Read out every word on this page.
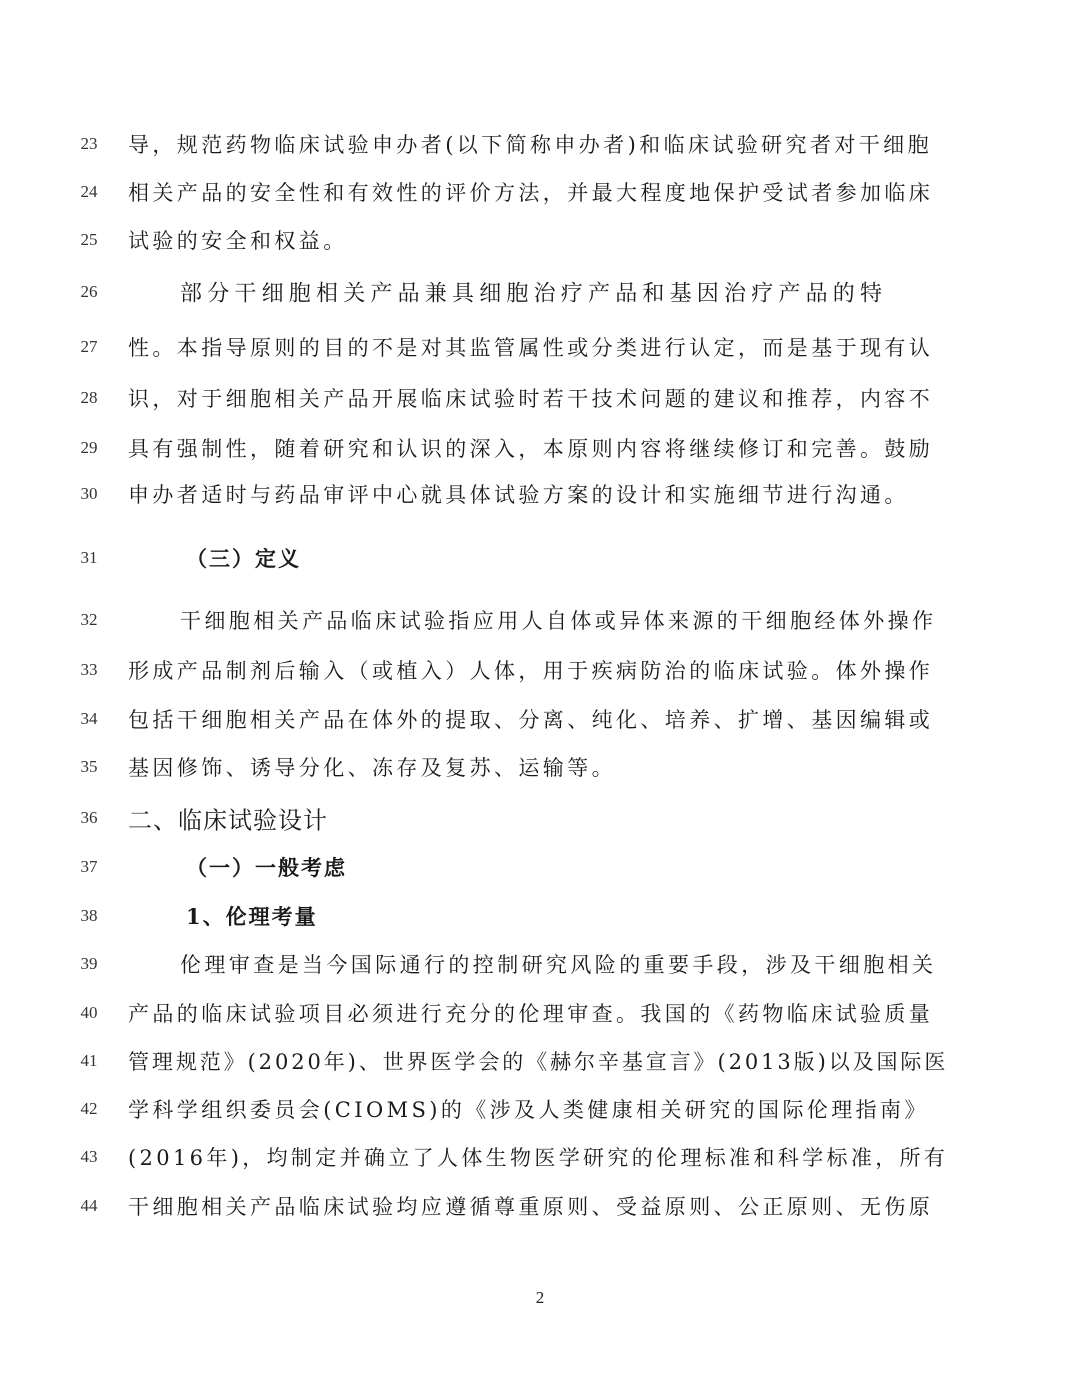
23	导，规范药物临床试验申办者(以下简称申办者)和临床试验研究者对干细胞
24	相关产品的安全性和有效性的评价方法，并最大程度地保护受试者参加临床
25	试验的安全和权益。
26	部分干细胞相关产品兼具细胞治疗产品和基因治疗产品的特
27	性。本指导原则的目的不是对其监管属性或分类进行认定，而是基于现有认
28	识，对于细胞相关产品开展临床试验时若干技术问题的建议和推荐，内容不
29	具有强制性，随着研究和认识的深入，本原则内容将继续修订和完善。鼓励
30	申办者适时与药品审评中心就具体试验方案的设计和实施细节进行沟通。
31	（三）定义
32	干细胞相关产品临床试验指应用人自体或异体来源的干细胞经体外操作
33	形成产品制剂后输入（或植入）人体，用于疾病防治的临床试验。体外操作
34	包括干细胞相关产品在体外的提取、分离、纯化、培养、扩增、基因编辑或
35	基因修饰、诱导分化、冻存及复苏、运输等。
36	二、临床试验设计
37	（一）一般考虑
38	1、伦理考量
39	伦理审查是当今国际通行的控制研究风险的重要手段，涉及干细胞相关
40	产品的临床试验项目必须进行充分的伦理审查。我国的《药物临床试验质量
41	管理规范》(2020年)、世界医学会的《赫尔辛基宣言》(2013版)以及国际医
42	学科学组织委员会(CIOMS)的《涉及人类健康相关研究的国际伦理指南》
43	(2016年)，均制定并确立了人体生物医学研究的伦理标准和科学标准，所有
44	干细胞相关产品临床试验均应遵循尊重原则、受益原则、公正原则、无伤原
2
